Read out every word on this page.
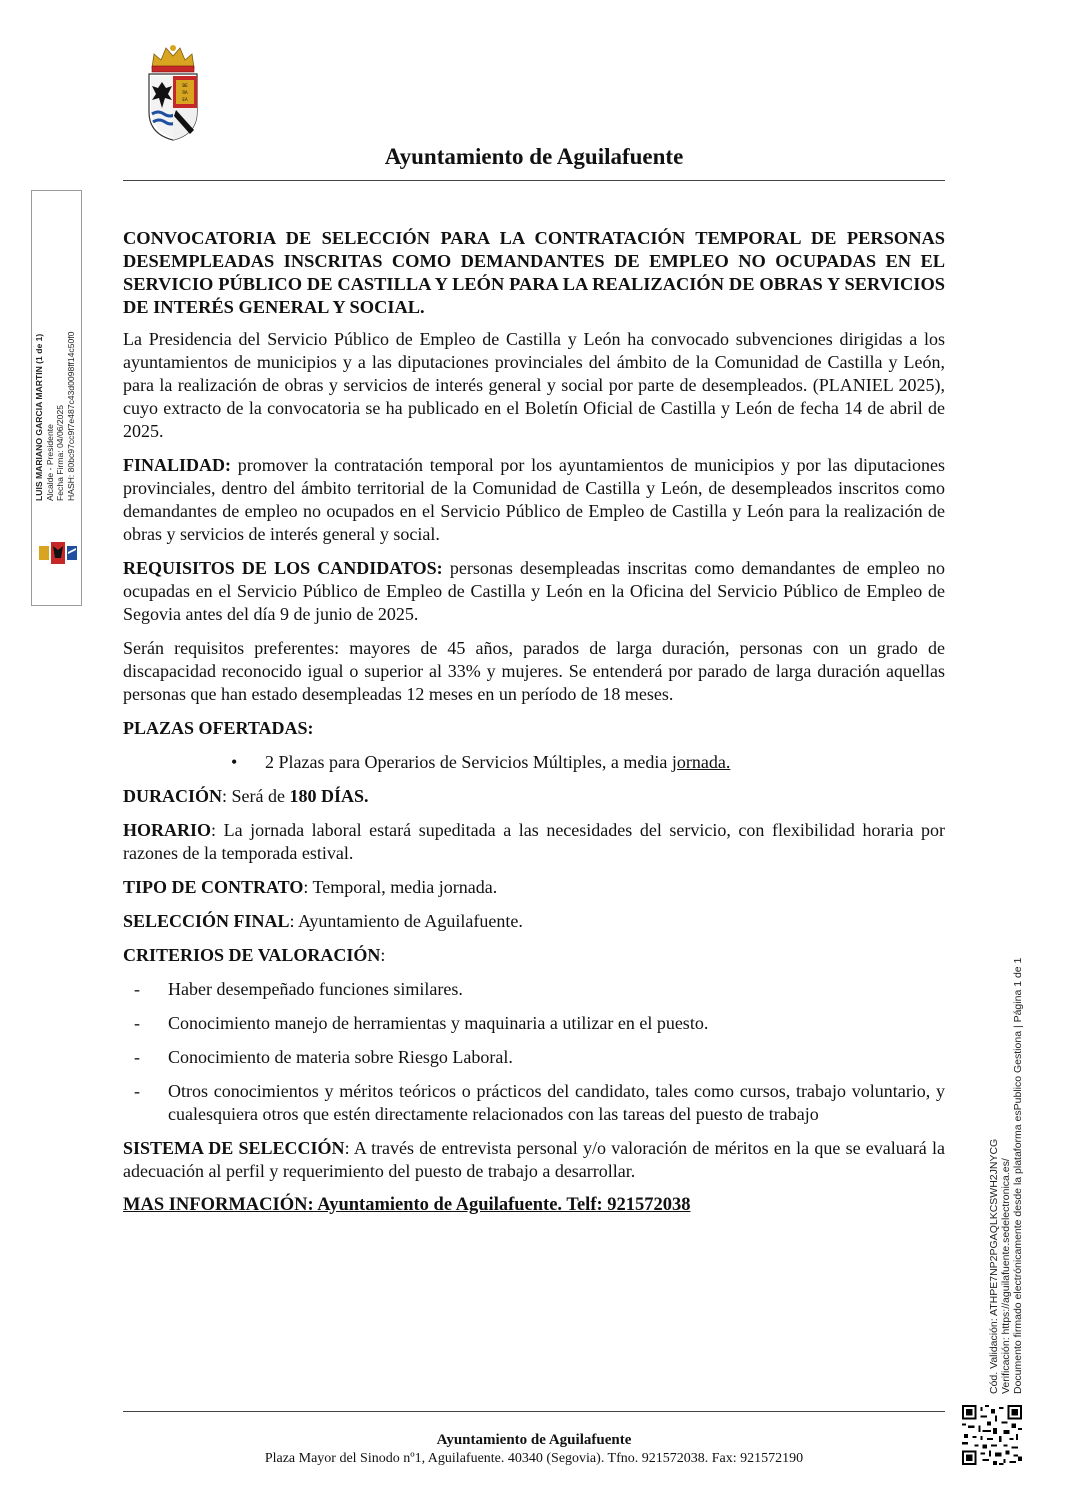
BE
RA
EA
Ayuntamiento de Aguilafuente
LUIS MARIANO GARCIA MARTIN (1 de 1) Alcalde - Presidente Fecha Firma: 04/06/2025 HASH: 80bc97cc9f7e487c43d0098ff14c50f0

CONVOCATORIA DE SELECCIÓN PARA LA CONTRATACIÓN TEMPORAL DE PERSONAS DESEMPLEADAS INSCRITAS COMO DEMANDANTES DE EMPLEO NO OCUPADAS EN EL SERVICIO PÚBLICO DE CASTILLA Y LEÓN PARA LA REALIZACIÓN DE OBRAS Y SERVICIOS DE INTERÉS GENERAL Y SOCIAL.

La Presidencia del Servicio Público de Empleo de Castilla y León ha convocado subvenciones dirigidas a los ayuntamientos de municipios y a las diputaciones provinciales del ámbito de la Comunidad de Castilla y León, para la realización de obras y servicios de interés general y social por parte de desempleados. (PLANIEL 2025), cuyo extracto de la convocatoria se ha publicado en el Boletín Oficial de Castilla y León de fecha 14 de abril de 2025.

FINALIDAD: promover la contratación temporal por los ayuntamientos de municipios y por las diputaciones provinciales, dentro del ámbito territorial de la Comunidad de Castilla y León, de desempleados inscritos como demandantes de empleo no ocupados en el Servicio Público de Empleo de Castilla y León para la realización de obras y servicios de interés general y social.

REQUISITOS DE LOS CANDIDATOS: personas desempleadas inscritas como demandantes de empleo no ocupadas en el Servicio Público de Empleo de Castilla y León en la Oficina del Servicio Público de Empleo de Segovia antes del día 9 de junio de 2025.

Serán requisitos preferentes: mayores de 45 años, parados de larga duración, personas con un grado de discapacidad reconocido igual o superior al 33% y mujeres. Se entenderá por parado de larga duración aquellas personas que han estado desempleadas 12 meses en un período de 18 meses.

PLAZAS OFERTADAS:

• 2 Plazas para Operarios de Servicios Múltiples, a media jornada.

DURACIÓN: Será de 180 DÍAS.

HORARIO: La jornada laboral estará supeditada a las necesidades del servicio, con flexibilidad horaria por razones de la temporada estival.

TIPO DE CONTRATO: Temporal, media jornada.

SELECCIÓN FINAL: Ayuntamiento de Aguilafuente.

CRITERIOS DE VALORACIÓN:

- Haber desempeñado funciones similares.
- Conocimiento manejo de herramientas y maquinaria a utilizar en el puesto.
- Conocimiento de materia sobre Riesgo Laboral.
- Otros conocimientos y méritos teóricos o prácticos del candidato, tales como cursos, trabajo voluntario, y cualesquiera otros que estén directamente relacionados con las tareas del puesto de trabajo

SISTEMA DE SELECCIÓN: A través de entrevista personal y/o valoración de méritos en la que se evaluará la adecuación al perfil y requerimiento del puesto de trabajo a desarrollar.

MAS INFORMACIÓN: Ayuntamiento de Aguilafuente. Telf: 921572038

Ayuntamiento de Aguilafuente
Plaza Mayor del Sinodo nº1, Aguilafuente. 40340 (Segovia). Tfno. 921572038. Fax: 921572190
Cód. Validación: ATHPE7NP2PGAQLKCSWH2JNYCG Verificación: https://aguilafuente.sedelectronica.es/ Documento firmado electrónicamente desde la plataforma esPublico Gestiona | Página 1 de 1
